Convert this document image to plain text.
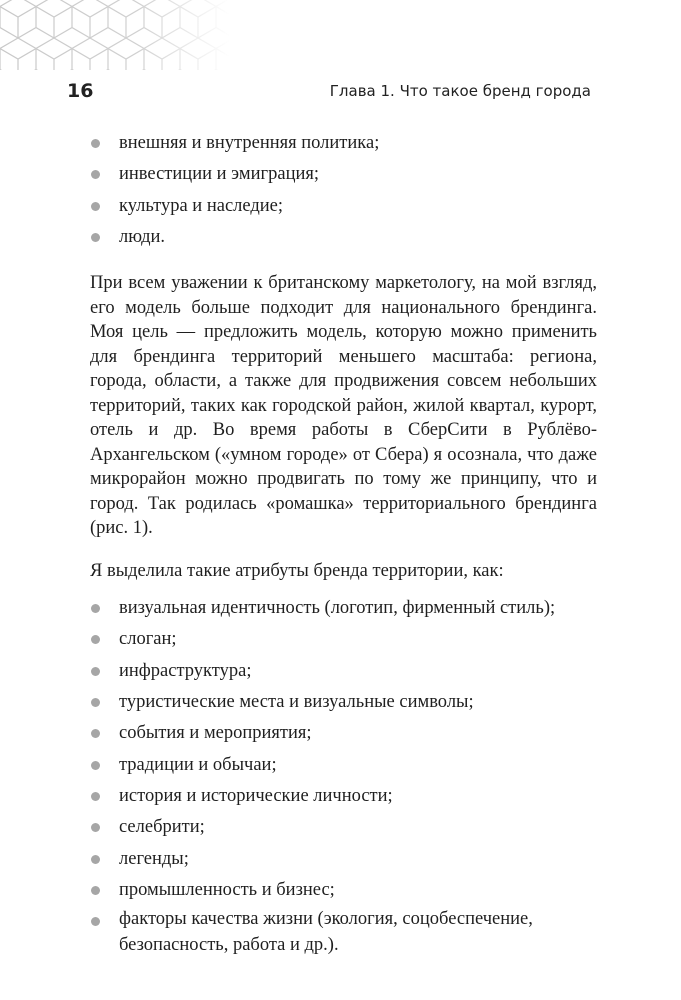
16	Глава 1. Что такое бренд города
внешняя и внутренняя политика;
инвестиции и эмиграция;
культура и наследие;
люди.

При всем уважении к британскому маркетологу, на мой взгляд, его модель больше подходит для национального брендинга. Моя цель — предложить модель, которую можно применить для брендинга территорий меньшего масштаба: региона, города, области, а также для продвижения совсем небольших территорий, таких как городской район, жилой квартал, курорт, отель и др. Во время работы в СберСити в Рублёво-Архангельском («умном городе» от Сбера) я осознала, что даже микрорайон можно продвигать по тому же принципу, что и город. Так родилась «ромашка» территориального брендинга (рис. 1).

Я выделила такие атрибуты бренда территории, как:

визуальная идентичность (логотип, фирменный стиль);
слоган;
инфраструктура;
туристические места и визуальные символы;
события и мероприятия;
традиции и обычаи;
история и исторические личности;
селебрити;
легенды;
промышленность и бизнес;
факторы качества жизни (экология, соцобеспечение, безопасность, работа и др.).
